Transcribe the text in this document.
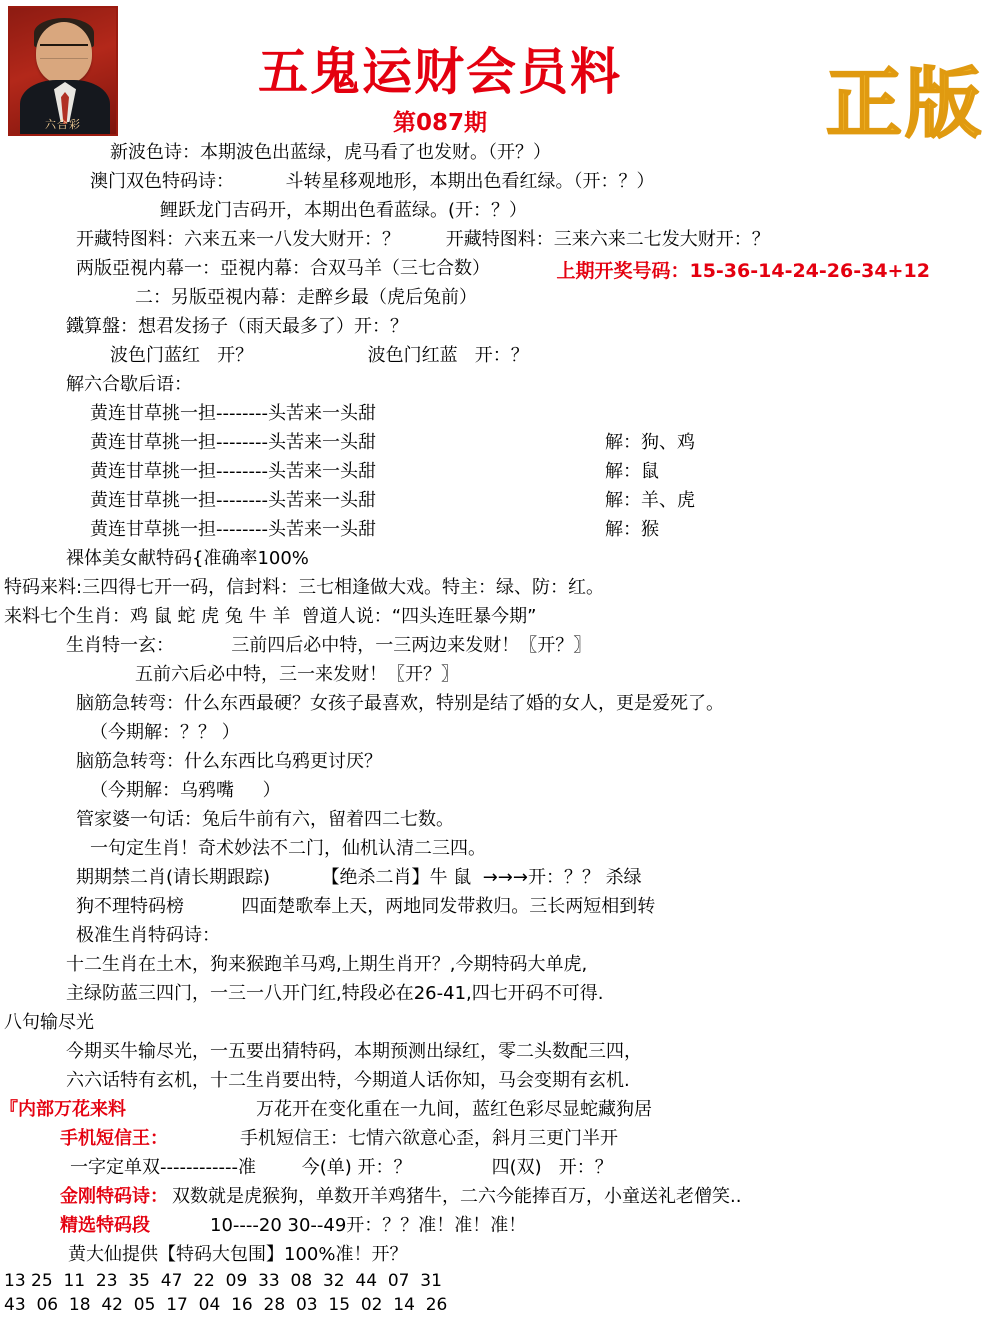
六合彩
五鬼运财会员料
第087期	正版
新波色诗：本期波色出蓝绿，虎马看了也发财。（开？）
澳门双色特码诗：         斗转星移观地形，本期出色看红绿。（开：？）
鲤跃龙门吉码开，本期出色看蓝绿。(开：？）
开藏特图料：六来五来一八发大财开：？        开藏特图料：三来六来二七发大财开：？
两版亞視内幕一：亞視内幕：合双马羊（三七合数）
二：另版亞視内幕：走醉乡最（虎后兔前）
鐵算盤：想君发扬子（雨天最多了）开：？
波色门蓝红   开？                    波色门红蓝   开：？
解六合歇后语：
黄连甘草挑一担--------头苦来一头甜
黄连甘草挑一担--------头苦来一头甜	解：狗、鸡
黄连甘草挑一担--------头苦来一头甜	解：鼠
黄连甘草挑一担--------头苦来一头甜	解：羊、虎
黄连甘草挑一担--------头苦来一头甜	解：猴
裸体美女献特码{准确率100%
特码来料:三四得七开一码，信封料：三七相逢做大戏。特主：绿、防：红。
来料七个生肖：鸡 鼠 蛇 虎 兔 牛 羊  曾道人说：“四头连旺暴今期”
生肖特一玄：          三前四后必中特，一三两边来发财！〖开？〗
五前六后必中特，三一来发财！〖开？〗
脑筋急转弯：什么东西最硬？女孩子最喜欢，特别是结了婚的女人，更是爱死了。
（今期解：？？ ）
脑筋急转弯：什么东西比乌鸦更讨厌？
（今期解：乌鸦嘴     ）
管家婆一句话：兔后牛前有六，留着四二七数。
一句定生肖！奇术妙法不二门，仙机认清二三四。
期期禁二肖(请长期跟踪)         【绝杀二肖】牛 鼠  →→→开：？？ 杀绿
狗不理特码榜          四面楚歌奉上天，两地同发带救归。三长两短相到转
极准生肖特码诗：
十二生肖在土木，狗来猴跑羊马鸡,上期生肖开？,今期特码大单虎,
主绿防蓝三四门，一三一八开门红,特段必在26-41,四七开码不可得.
八句输尽光
今期买牛输尽光，一五要出猜特码，本期预测出绿红，零二头数配三四，
六六话特有玄机，十二生肖要出特，今期道人话你知，马会变期有玄机.
『内部万花来料	万花开在变化重在一九间，蓝红色彩尽显蛇藏狗居
手机短信王：	手机短信王：七情六欲意心歪，斜月三更门半开
一字定单双------------准        今(单) 开：？              四(双)   开：？
金刚特码诗： 双数就是虎猴狗，单数开羊鸡猪牛，二六今能捧百万，小童送礼老僧笑..
精选特码段	10----20 30--49开：？？准！准！准！
黄大仙提供【特码大包围】100%准！开？
13 25  11  23  35  47  22  09  33  08  32  44  07  31
43  06  18  42  05  17  04  16  28  03  15  02  14  26

上期开奖号码：15-36-14-24-26-34+12
